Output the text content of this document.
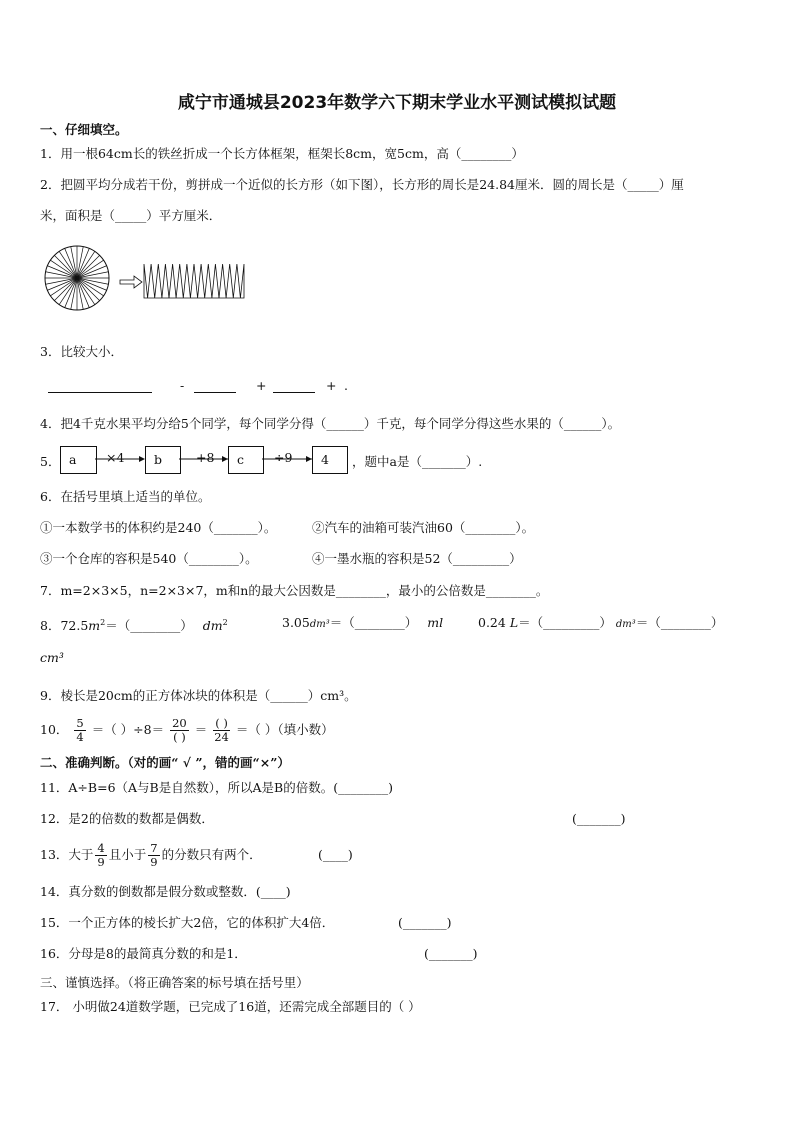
咸宁市通城县2023年数学六下期末学业水平测试模拟试题
一、仔细填空。
1．用一根64cm长的铁丝折成一个长方体框架，框架长8cm，宽5cm，高（________）
2．把圆平均分成若干份，剪拼成一个近似的长方形（如下图），长方形的周长是24.84厘米．圆的周长是（_____）厘
米，面积是（_____）平方厘米．
3．比较大小．
-	+	+ .
4．把4千克水果平均分给5个同学，每个同学分得（______）千克，每个同学分得这些水果的（______）。
5． a	b	c	4
×4	+8	÷9	，题中a是（_______）.
6．在括号里填上适当的单位。
①一本数学书的体积约是240（_______）。	②汽车的油箱可装汽油60（________）。
③一个仓库的容积是540（________）。	④一墨水瓶的容积是52（_________）
7．m=2×3×5，n=2×3×7，m和n的最大公因数是________，最小的公倍数是________。
8．$72.5m^2=(\_\_\_\_\_\_\_\_)$ $dm^2$	3.05dm³＝（________） ml	0.24 L＝（_________） dm³＝（________）
cm³
9．棱长是20cm的正方体冰块的体积是（______）cm³。
10． $\frac{5}{4}$ ＝（ ）$\div 8= \frac{20}{( )} = \frac{( )}{24}$ ＝（ ）（填小数）
二、准确判断。（对的画“ √ ”，错的画“×”）
11．A÷B=6（A与B是自然数），所以A是B的倍数。(________)
12．是2的倍数的数都是偶数．	(_______)
13．大于 $\frac{4}{9}$ 且小于 $\frac{7}{9}$ 的分数只有两个．	(____)
14．真分数的倒数都是假分数或整数．(____)
15．一个正方体的棱长扩大2倍，它的体积扩大4倍．	(_______)
16．分母是8的最简真分数的和是1．	(_______)
三、谨慎选择。（将正确答案的标号填在括号里）
17． 小明做24道数学题，已完成了16道，还需完成全部题目的（ ）
